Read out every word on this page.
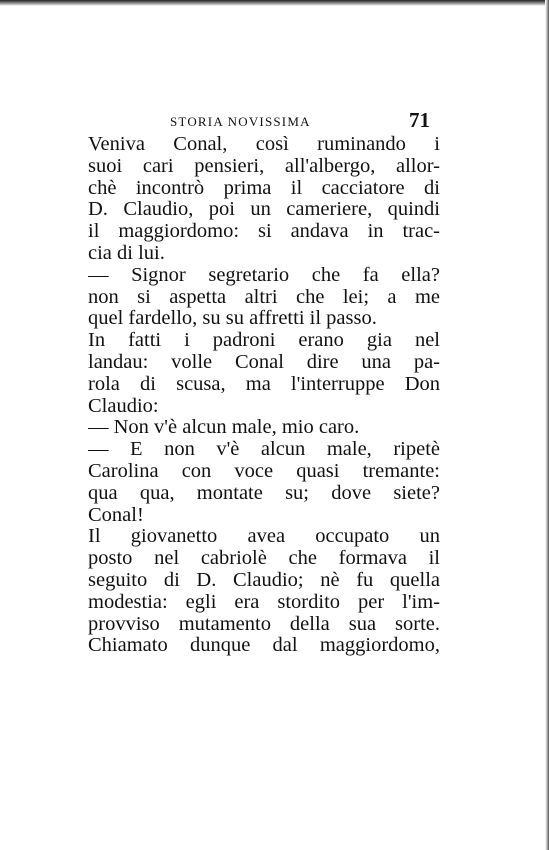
STORIA NOVISSIMA	71
Veniva Conal, così ruminando i
suoi cari pensieri, all'albergo, allor-
chè incontrò prima il cacciatore di
D. Claudio, poi un cameriere, quindi
il maggiordomo: si andava in trac-
cia di lui.
— Signor segretario che fa ella?
non si aspetta altri che lei; a me
quel fardello, su su affretti il passo.
In fatti i padroni erano gia nel
landau: volle Conal dire una pa-
rola di scusa, ma l'interruppe Don
Claudio:
— Non v'è alcun male, mio caro.
— E non v'è alcun male, ripetè
Carolina con voce quasi tremante:
qua qua, montate su; dove siete?
Conal!
Il giovanetto avea occupato un
posto nel cabriolè che formava il
seguito di D. Claudio; nè fu quella
modestia: egli era stordito per l'im-
provviso mutamento della sua sorte.
Chiamato dunque dal maggiordomo,
